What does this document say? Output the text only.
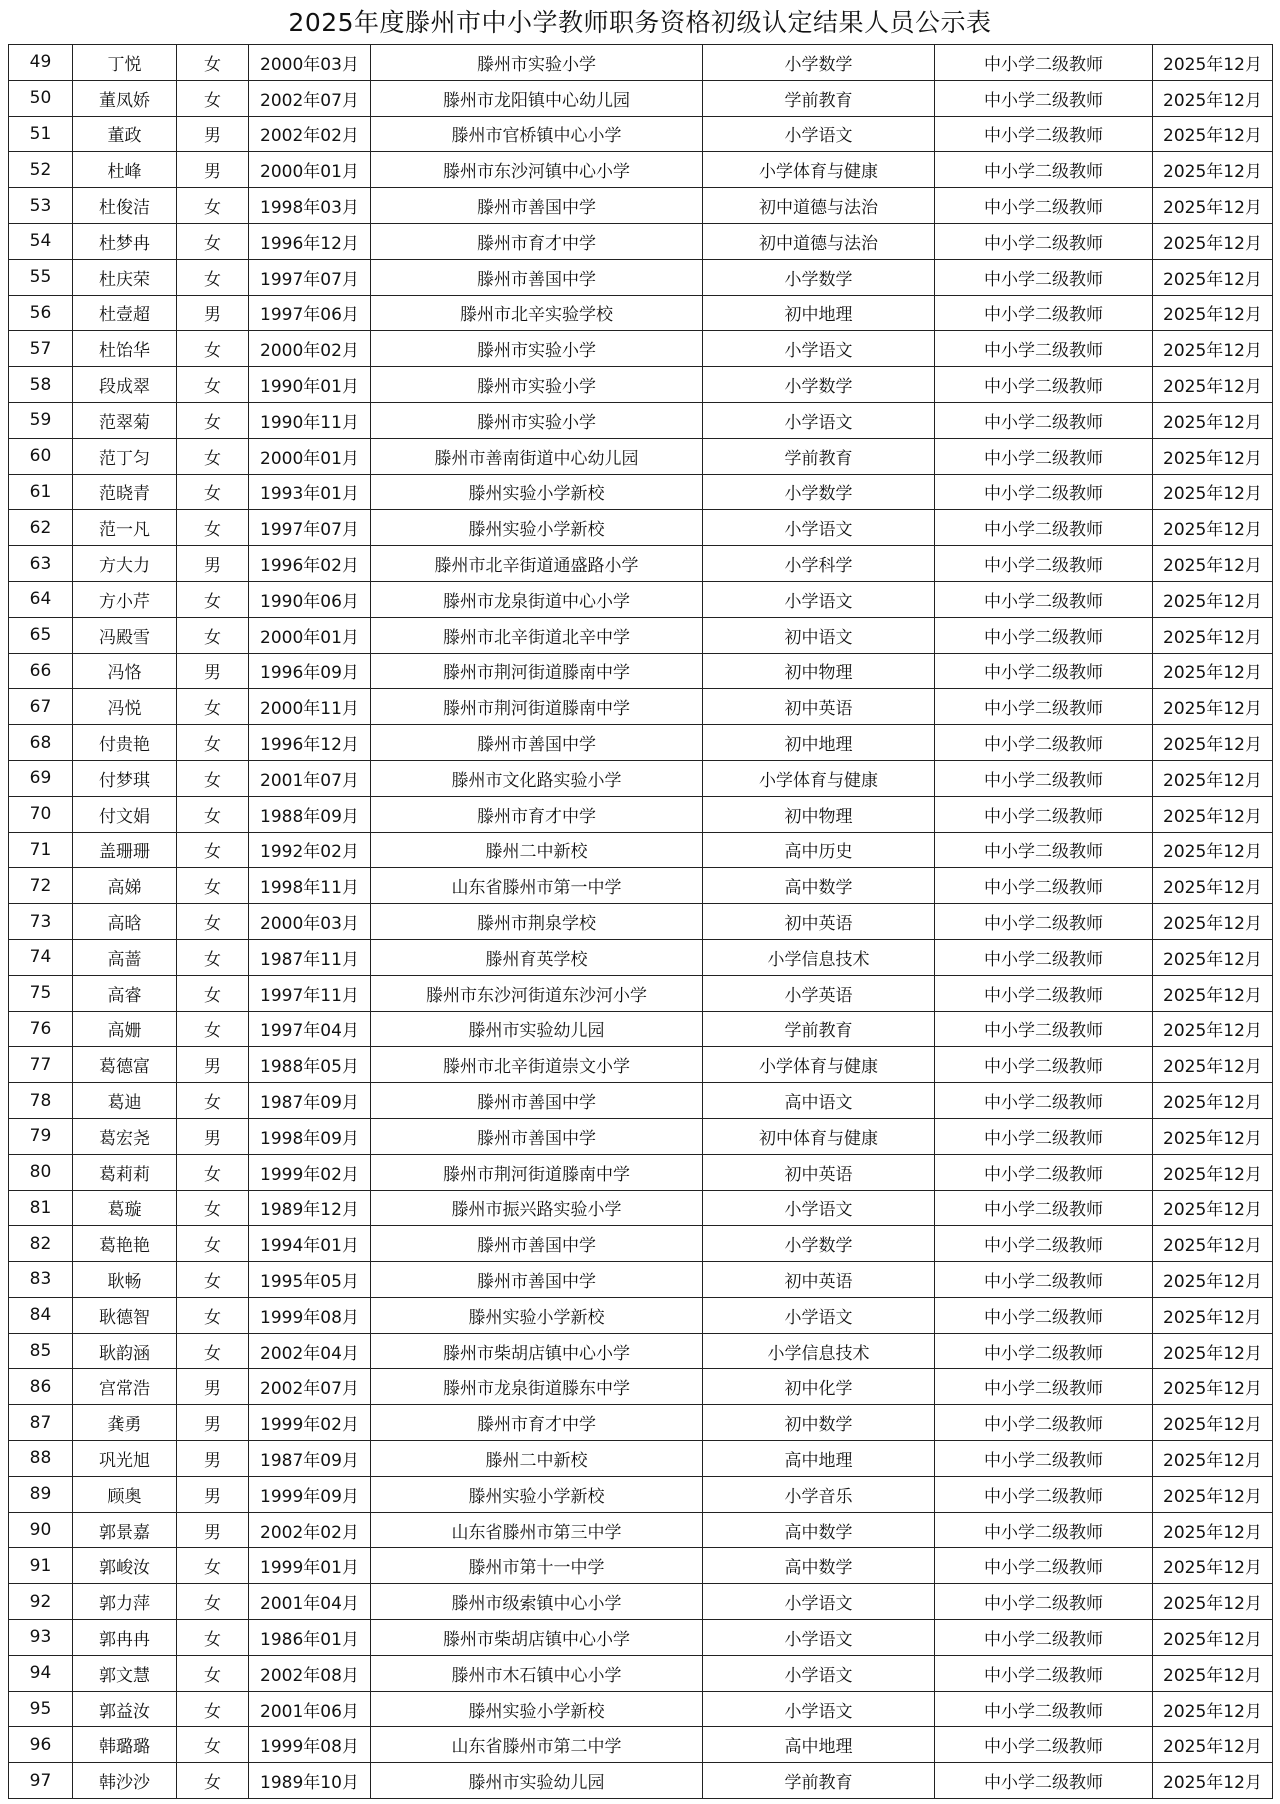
2025年度滕州市中小学教师职务资格初级认定结果人员公示表
49	丁悦	女	2000年03月	滕州市实验小学	小学数学	中小学二级教师	2025年12月
50	董凤娇	女	2002年07月	滕州市龙阳镇中心幼儿园	学前教育	中小学二级教师	2025年12月
51	董政	男	2002年02月	滕州市官桥镇中心小学	小学语文	中小学二级教师	2025年12月
52	杜峰	男	2000年01月	滕州市东沙河镇中心小学	小学体育与健康	中小学二级教师	2025年12月
53	杜俊洁	女	1998年03月	滕州市善国中学	初中道德与法治	中小学二级教师	2025年12月
54	杜梦冉	女	1996年12月	滕州市育才中学	初中道德与法治	中小学二级教师	2025年12月
55	杜庆荣	女	1997年07月	滕州市善国中学	小学数学	中小学二级教师	2025年12月
56	杜壹超	男	1997年06月	滕州市北辛实验学校	初中地理	中小学二级教师	2025年12月
57	杜饴华	女	2000年02月	滕州市实验小学	小学语文	中小学二级教师	2025年12月
58	段成翠	女	1990年01月	滕州市实验小学	小学数学	中小学二级教师	2025年12月
59	范翠菊	女	1990年11月	滕州市实验小学	小学语文	中小学二级教师	2025年12月
60	范丁匀	女	2000年01月	滕州市善南街道中心幼儿园	学前教育	中小学二级教师	2025年12月
61	范晓青	女	1993年01月	滕州实验小学新校	小学数学	中小学二级教师	2025年12月
62	范一凡	女	1997年07月	滕州实验小学新校	小学语文	中小学二级教师	2025年12月
63	方大力	男	1996年02月	滕州市北辛街道通盛路小学	小学科学	中小学二级教师	2025年12月
64	方小芹	女	1990年06月	滕州市龙泉街道中心小学	小学语文	中小学二级教师	2025年12月
65	冯殿雪	女	2000年01月	滕州市北辛街道北辛中学	初中语文	中小学二级教师	2025年12月
66	冯恪	男	1996年09月	滕州市荆河街道滕南中学	初中物理	中小学二级教师	2025年12月
67	冯悦	女	2000年11月	滕州市荆河街道滕南中学	初中英语	中小学二级教师	2025年12月
68	付贵艳	女	1996年12月	滕州市善国中学	初中地理	中小学二级教师	2025年12月
69	付梦琪	女	2001年07月	滕州市文化路实验小学	小学体育与健康	中小学二级教师	2025年12月
70	付文娟	女	1988年09月	滕州市育才中学	初中物理	中小学二级教师	2025年12月
71	盖珊珊	女	1992年02月	滕州二中新校	高中历史	中小学二级教师	2025年12月
72	高娣	女	1998年11月	山东省滕州市第一中学	高中数学	中小学二级教师	2025年12月
73	高晗	女	2000年03月	滕州市荆泉学校	初中英语	中小学二级教师	2025年12月
74	高蔷	女	1987年11月	滕州育英学校	小学信息技术	中小学二级教师	2025年12月
75	高睿	女	1997年11月	滕州市东沙河街道东沙河小学	小学英语	中小学二级教师	2025年12月
76	高姗	女	1997年04月	滕州市实验幼儿园	学前教育	中小学二级教师	2025年12月
77	葛德富	男	1988年05月	滕州市北辛街道崇文小学	小学体育与健康	中小学二级教师	2025年12月
78	葛迪	女	1987年09月	滕州市善国中学	高中语文	中小学二级教师	2025年12月
79	葛宏尧	男	1998年09月	滕州市善国中学	初中体育与健康	中小学二级教师	2025年12月
80	葛莉莉	女	1999年02月	滕州市荆河街道滕南中学	初中英语	中小学二级教师	2025年12月
81	葛璇	女	1989年12月	滕州市振兴路实验小学	小学语文	中小学二级教师	2025年12月
82	葛艳艳	女	1994年01月	滕州市善国中学	小学数学	中小学二级教师	2025年12月
83	耿畅	女	1995年05月	滕州市善国中学	初中英语	中小学二级教师	2025年12月
84	耿德智	女	1999年08月	滕州实验小学新校	小学语文	中小学二级教师	2025年12月
85	耿韵涵	女	2002年04月	滕州市柴胡店镇中心小学	小学信息技术	中小学二级教师	2025年12月
86	宫常浩	男	2002年07月	滕州市龙泉街道滕东中学	初中化学	中小学二级教师	2025年12月
87	龚勇	男	1999年02月	滕州市育才中学	初中数学	中小学二级教师	2025年12月
88	巩光旭	男	1987年09月	滕州二中新校	高中地理	中小学二级教师	2025年12月
89	顾奥	男	1999年09月	滕州实验小学新校	小学音乐	中小学二级教师	2025年12月
90	郭景嘉	男	2002年02月	山东省滕州市第三中学	高中数学	中小学二级教师	2025年12月
91	郭峻汝	女	1999年01月	滕州市第十一中学	高中数学	中小学二级教师	2025年12月
92	郭力萍	女	2001年04月	滕州市级索镇中心小学	小学语文	中小学二级教师	2025年12月
93	郭冉冉	女	1986年01月	滕州市柴胡店镇中心小学	小学语文	中小学二级教师	2025年12月
94	郭文慧	女	2002年08月	滕州市木石镇中心小学	小学语文	中小学二级教师	2025年12月
95	郭益汝	女	2001年06月	滕州实验小学新校	小学语文	中小学二级教师	2025年12月
96	韩璐璐	女	1999年08月	山东省滕州市第二中学	高中地理	中小学二级教师	2025年12月
97	韩沙沙	女	1989年10月	滕州市实验幼儿园	学前教育	中小学二级教师	2025年12月
